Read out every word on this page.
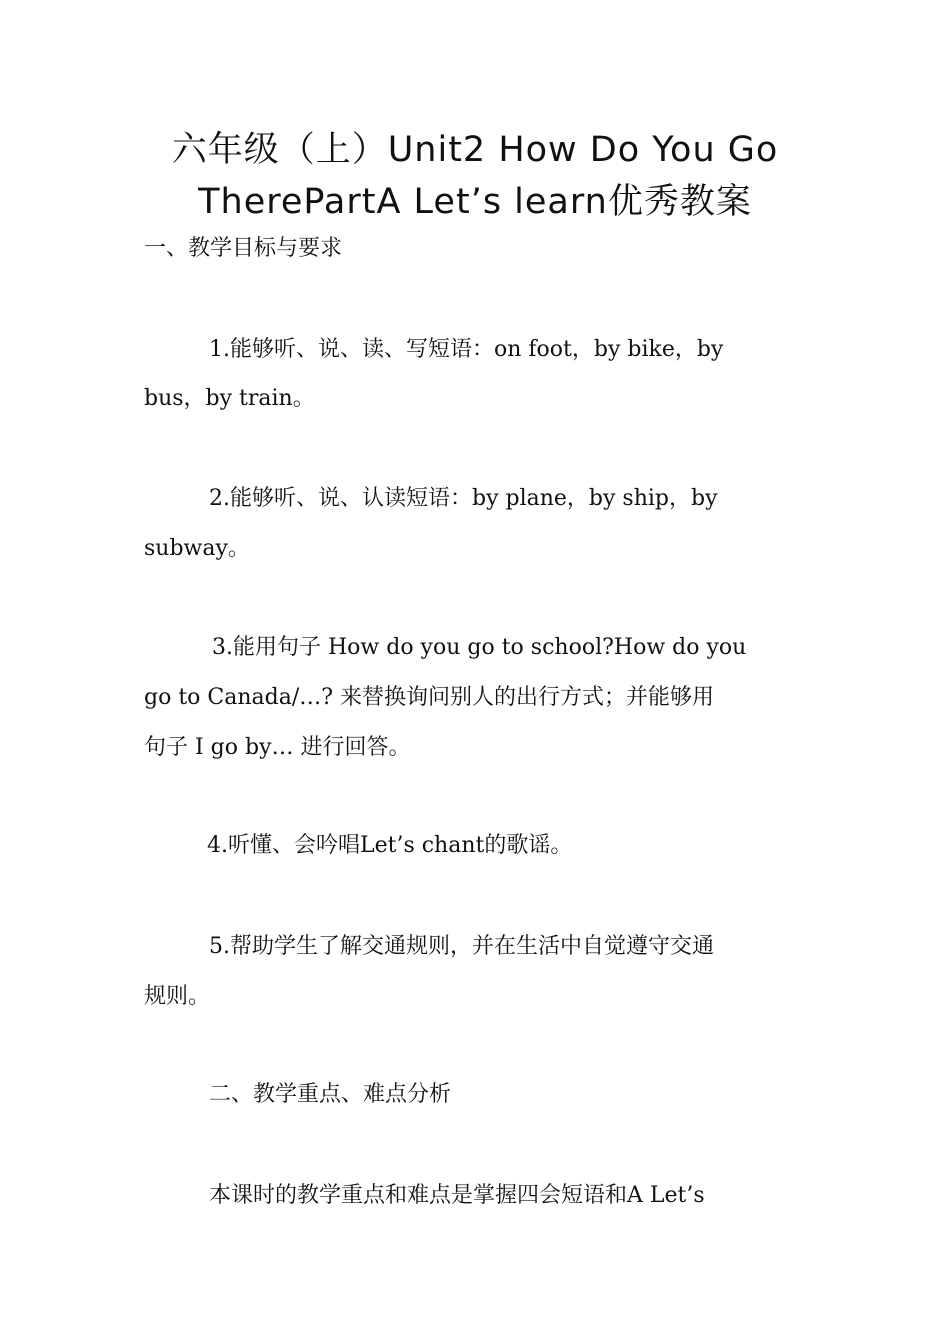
六年级（上）Unit2 How Do You Go
TherePartA Let’s learn优秀教案

一、教学目标与要求

1.能够听、说、读、写短语：on foot，by bike，by

bus，by train。

2.能够听、说、认读短语：by plane，by ship，by

subway。

3.能用句子 How do you go to school?How do you

go to Canada/…? 来替换询问别人的出行方式；并能够用

句子 I go by… 进行回答。

4.听懂、会吟唱Let’s chant的歌谣。

5.帮助学生了解交通规则，并在生活中自觉遵守交通

规则。

二、教学重点、难点分析

本课时的教学重点和难点是掌握四会短语和A Let’s
